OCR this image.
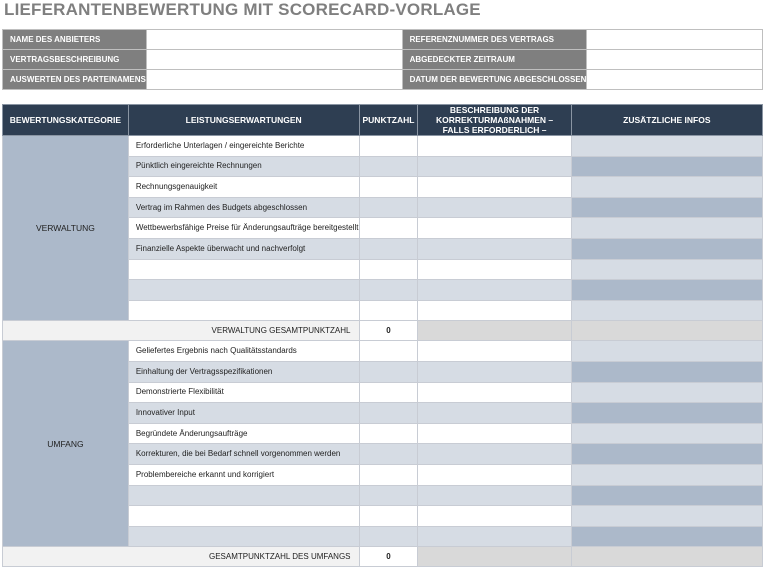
LIEFERANTENBEWERTUNG MIT SCORECARD-VORLAGE
NAME DES ANBIETERS		REFERENZNUMMER DES VERTRAGS	
VERTRAGSBESCHREIBUNG		ABGEDECKTER ZEITRAUM	
AUSWERTEN DES PARTEINAMENS		DATUM DER BEWERTUNG ABGESCHLOSSEN	
BEWERTUNGSKATEGORIE	LEISTUNGSERWARTUNGEN	PUNKTZAHL	BESCHREIBUNG DER KORREKTURMAßNAHMEN – FALLS ERFORDERLICH –	ZUSÄTZLICHE INFOS
VERWALTUNG	Erforderliche Unterlagen / eingereichte Berichte			
	Pünktlich eingereichte Rechnungen			
	Rechnungsgenauigkeit			
	Vertrag im Rahmen des Budgets abgeschlossen			
	Wettbewerbsfähige Preise für Änderungsaufträge bereitgestellt			
	Finanzielle Aspekte überwacht und nachverfolgt			

VERWALTUNG GESAMTPUNKTZAHL		0		
UMFANG	Geliefertes Ergebnis nach Qualitätsstandards			
	Einhaltung der Vertragsspezifikationen			
	Demonstrierte Flexibilität			
	Innovativer Input			
	Begründete Änderungsaufträge			
	Korrekturen, die bei Bedarf schnell vorgenommen werden			
	Problembereiche erkannt und korrigiert			

GESAMTPUNKTZAHL DES UMFANGS		0		
